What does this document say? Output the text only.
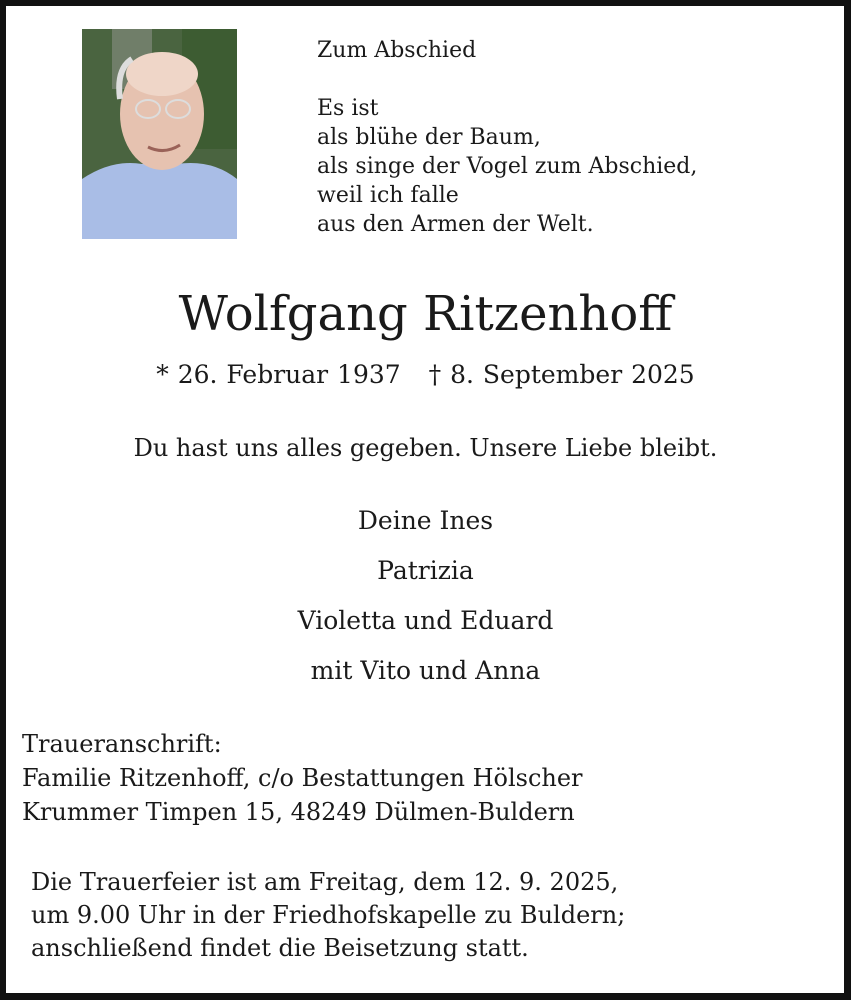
Zum Abschied
Es ist
als blühe der Baum,
als singe der Vogel zum Abschied,
weil ich falle
aus den Armen der Welt.
Wolfgang Ritzenhoff
* 26. Februar 1937 † 8. September 2025
Du hast uns alles gegeben. Unsere Liebe bleibt.
Deine Ines
Patrizia
Violetta und Eduard
mit Vito und Anna
Traueranschrift:
Familie Ritzenhoff, c/o Bestattungen Hölscher
Krummer Timpen 15, 48249 Dülmen-Buldern
Die Trauerfeier ist am Freitag, dem 12. 9. 2025,
um 9.00 Uhr in der Friedhofskapelle zu Buldern;
anschließend findet die Beisetzung statt.
